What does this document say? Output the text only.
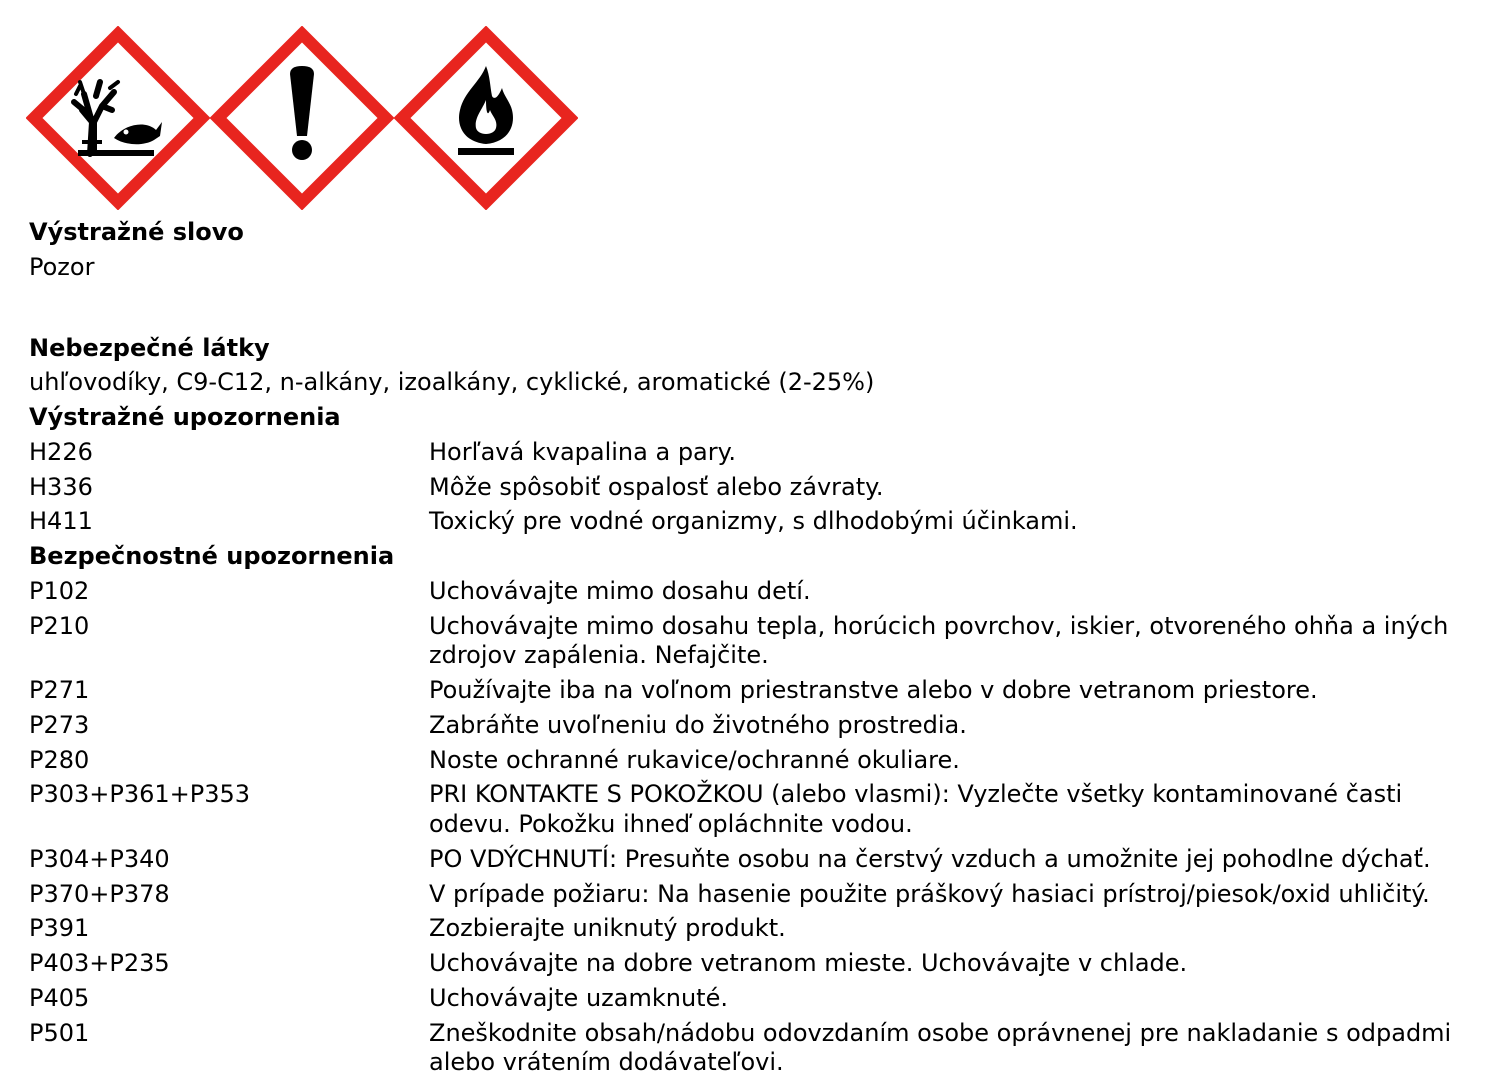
Výstražné slovo
Pozor
Nebezpečné látky
uhľovodíky, C9-C12, n-alkány, izoalkány, cyklické, aromatické (2-25%)
Výstražné upozornenia
H226	Horľavá kvapalina a pary.
H336	Môže spôsobiť ospalosť alebo závraty.
H411	Toxický pre vodné organizmy, s dlhodobými účinkami.
Bezpečnostné upozornenia
P102	Uchovávajte mimo dosahu detí.
P210	Uchovávajte mimo dosahu tepla, horúcich povrchov, iskier, otvoreného ohňa a iných zdrojov zapálenia. Nefajčite.
P271	Používajte iba na voľnom priestranstve alebo v dobre vetranom priestore.
P273	Zabráňte uvoľneniu do životného prostredia.
P280	Noste ochranné rukavice/ochranné okuliare.
P303+P361+P353	PRI KONTAKTE S POKOŽKOU (alebo vlasmi): Vyzlečte všetky kontaminované časti odevu. Pokožku ihneď opláchnite vodou.
P304+P340	PO VDÝCHNUTÍ: Presuňte osobu na čerstvý vzduch a umožnite jej pohodlne dýchať.
P370+P378	V prípade požiaru: Na hasenie použite práškový hasiaci prístroj/piesok/oxid uhličitý.
P391	Zozbierajte uniknutý produkt.
P403+P235	Uchovávajte na dobre vetranom mieste. Uchovávajte v chlade.
P405	Uchovávajte uzamknuté.
P501	Zneškodnite obsah/nádobu odovzdaním osobe oprávnenej pre nakladanie s odpadmi alebo vrátením dodávateľovi.
